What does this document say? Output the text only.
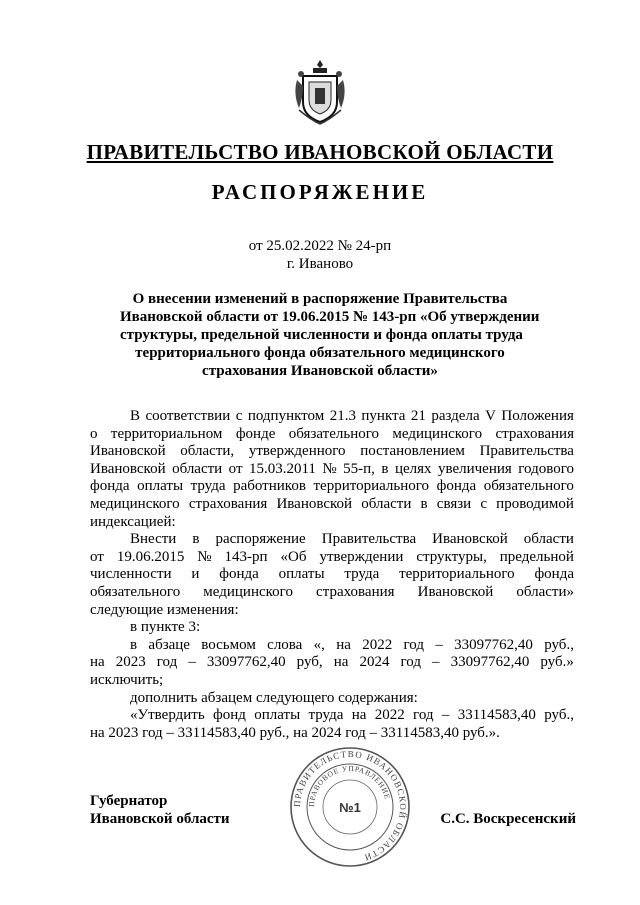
ПРАВИТЕЛЬСТВО ИВАНОВСКОЙ ОБЛАСТИ
РАСПОРЯЖЕНИЕ
от 25.02.2022 № 24-рп
г. Иваново
О внесении изменений в распоряжение Правительства
Ивановской области от 19.06.2015 № 143-рп «Об утверждении
структуры, предельной численности и фонда оплаты труда
территориального фонда обязательного медицинского
страхования Ивановской области»
В соответствии с подпунктом 21.3 пункта 21 раздела V Положения
о территориальном фонде обязательного медицинского страхования
Ивановской области, утвержденного постановлением Правительства
Ивановской области от 15.03.2011 № 55-п, в целях увеличения годового
фонда оплаты труда работников территориального фонда обязательного
медицинского страхования Ивановской области в связи с проводимой
индексацией:
Внести в распоряжение Правительства Ивановской области
от 19.06.2015 № 143-рп «Об утверждении структуры, предельной
численности и фонда оплаты труда территориального фонда
обязательного медицинского страхования Ивановской области»
следующие изменения:
в пункте 3:
в абзаце восьмом слова «, на 2022 год – 33097762,40 руб.,
на 2023 год – 33097762,40 руб, на 2024 год – 33097762,40 руб.»
исключить;
дополнить абзацем следующего содержания:
«Утвердить фонд оплаты труда на 2022 год – 33114583,40 руб.,
на 2023 год – 33114583,40 руб., на 2024 год – 33114583,40 руб.».
ПРАВИТЕЛЬСТВО ИВАНОВСКОЙ ОБЛАСТИ
ПРАВОВОЕ УПРАВЛЕНИЕ
№1
Губернатор
Ивановской области	С.С. Воскресенский
